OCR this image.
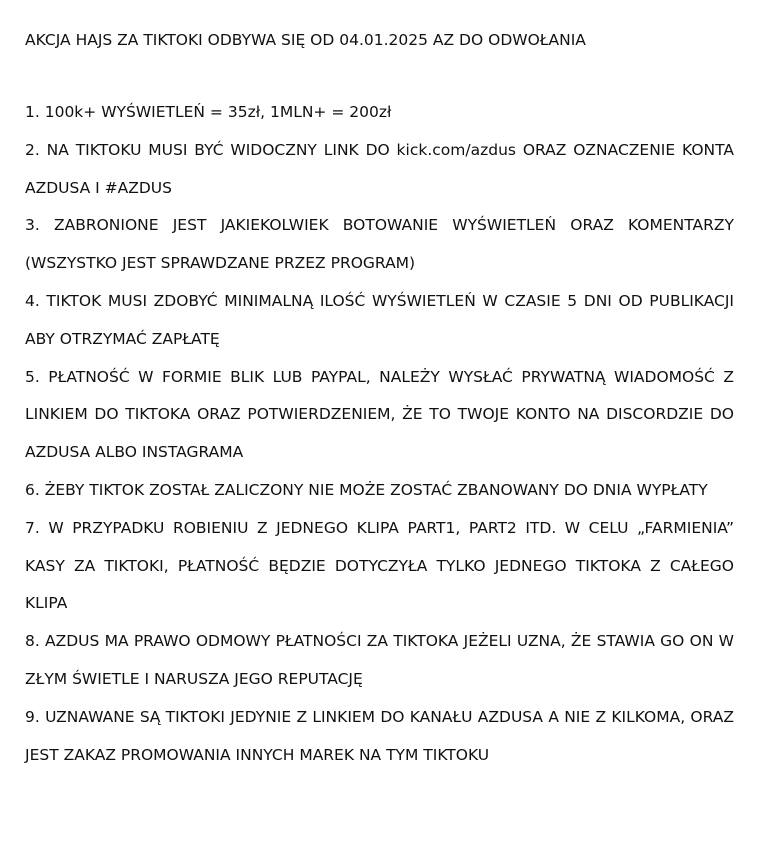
AKCJA HAJS ZA TIKTOKI ODBYWA SIĘ OD 04.01.2025 AZ DO ODWOŁANIA
1. 100k+ WYŚWIETLEŃ = 35zł, 1MLN+ = 200zł
2. NA TIKTOKU MUSI BYĆ WIDOCZNY LINK DO kick.com/azdus ORAZ OZNACZENIE KONTA AZDUSA I #AZDUS
3. ZABRONIONE JEST JAKIEKOLWIEK BOTOWANIE WYŚWIETLEŃ ORAZ KOMENTARZY (WSZYSTKO JEST SPRAWDZANE PRZEZ PROGRAM)
4. TIKTOK MUSI ZDOBYĆ MINIMALNĄ ILOŚĆ WYŚWIETLEŃ W CZASIE 5 DNI OD PUBLIKACJI ABY OTRZYMAĆ ZAPŁATĘ
5. PŁATNOŚĆ W FORMIE BLIK LUB PAYPAL, NALEŻY WYSŁAĆ PRYWATNĄ WIADOMOŚĆ Z LINKIEM DO TIKTOKA ORAZ POTWIERDZENIEM, ŻE TO TWOJE KONTO NA DISCORDZIE DO AZDUSA ALBO INSTAGRAMA
6. ŻEBY TIKTOK ZOSTAŁ ZALICZONY NIE MOŻE ZOSTAĆ ZBANOWANY DO DNIA WYPŁATY
7. W PRZYPADKU ROBIENIU Z JEDNEGO KLIPA PART1, PART2 ITD. W CELU „FARMIENIA” KASY ZA TIKTOKI, PŁATNOŚĆ BĘDZIE DOTYCZYŁA TYLKO JEDNEGO TIKTOKA Z CAŁEGO KLIPA
8. AZDUS MA PRAWO ODMOWY PŁATNOŚCI ZA TIKTOKA JEŻELI UZNA, ŻE STAWIA GO ON W ZŁYM ŚWIETLE I NARUSZA JEGO REPUTACJĘ
9. UZNAWANE SĄ TIKTOKI JEDYNIE Z LINKIEM DO KANAŁU AZDUSA A NIE Z KILKOMA, ORAZ JEST ZAKAZ PROMOWANIA INNYCH MAREK NA TYM TIKTOKU
